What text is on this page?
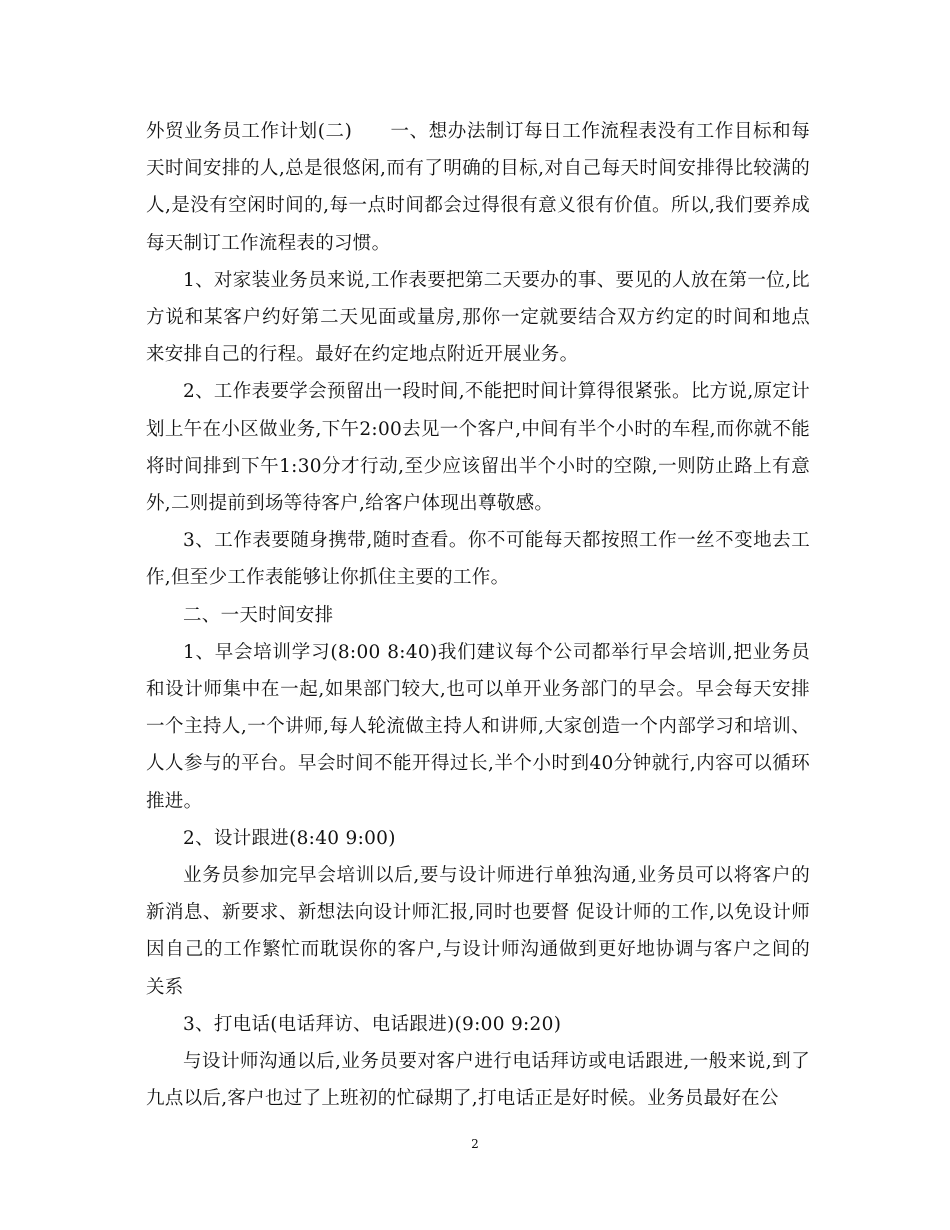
外贸业务员工作计划(二)　　一、想办法制订每日工作流程表没有工作目标和每天时间安排的人,总是很悠闲,而有了明确的目标,对自己每天时间安排得比较满的人,是没有空闲时间的,每一点时间都会过得很有意义很有价值。所以,我们要养成每天制订工作流程表的习惯。

1、对家装业务员来说,工作表要把第二天要办的事、要见的人放在第一位,比方说和某客户约好第二天见面或量房,那你一定就要结合双方约定的时间和地点来安排自己的行程。最好在约定地点附近开展业务。

2、工作表要学会预留出一段时间,不能把时间计算得很紧张。比方说,原定计划上午在小区做业务,下午2:00去见一个客户,中间有半个小时的车程,而你就不能将时间排到下午1:30分才行动,至少应该留出半个小时的空隙,一则防止路上有意外,二则提前到场等待客户,给客户体现出尊敬感。

3、工作表要随身携带,随时查看。你不可能每天都按照工作一丝不变地去工作,但至少工作表能够让你抓住主要的工作。

二、一天时间安排

1、早会培训学习(8:00 8:40)我们建议每个公司都举行早会培训,把业务员和设计师集中在一起,如果部门较大,也可以单开业务部门的早会。早会每天安排一个主持人,一个讲师,每人轮流做主持人和讲师,大家创造一个内部学习和培训、人人参与的平台。早会时间不能开得过长,半个小时到40分钟就行,内容可以循环推进。

2、设计跟进(8:40 9:00)

业务员参加完早会培训以后,要与设计师进行单独沟通,业务员可以将客户的新消息、新要求、新想法向设计师汇报,同时也要督 促设计师的工作,以免设计师因自己的工作繁忙而耽误你的客户,与设计师沟通做到更好地协调与客户之间的关系

3、打电话(电话拜访、电话跟进)(9:00 9:20)

与设计师沟通以后,业务员要对客户进行电话拜访或电话跟进,一般来说,到了九点以后,客户也过了上班初的忙碌期了,打电话正是好时候。业务员最好在公

2
